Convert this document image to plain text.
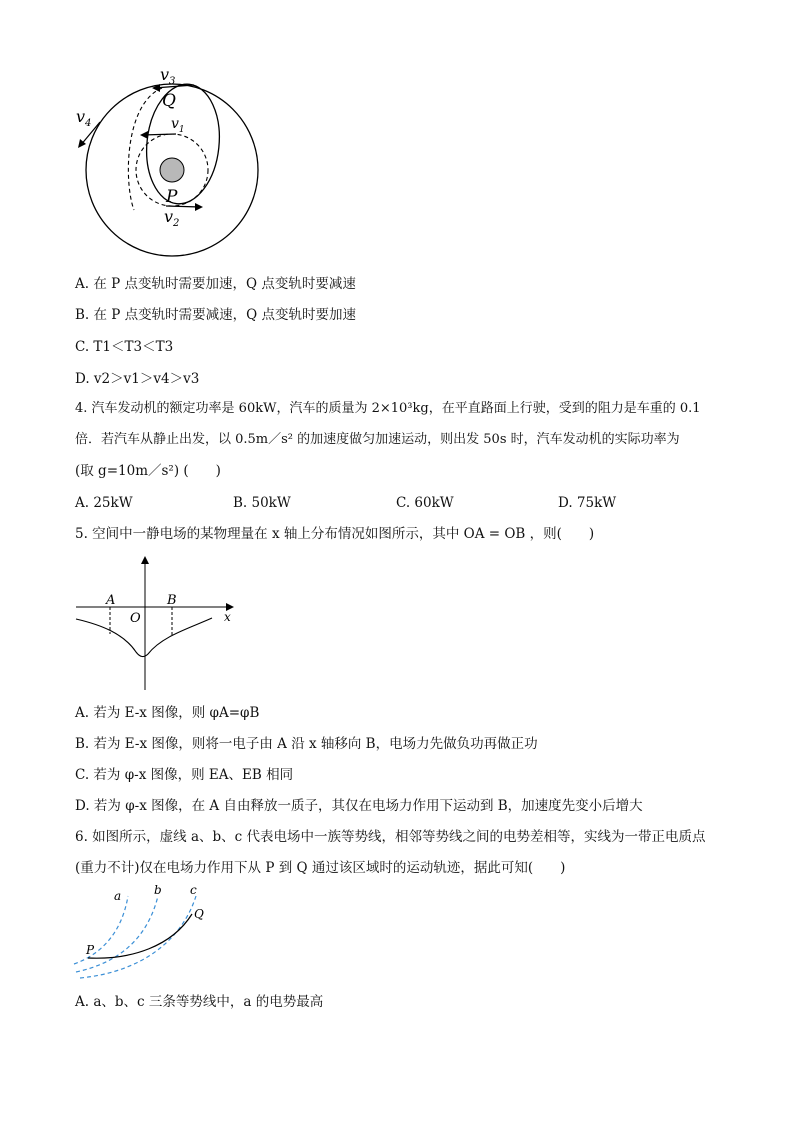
$v_3$
Q
$v_1$
$v_4$
P
$v_2$
A. 在 P 点变轨时需要加速，Q 点变轨时要减速
B. 在 P 点变轨时需要减速，Q 点变轨时要加速
C. T1＜T3＜T3
D. v2＞v1＞v4＞v3
4. 汽车发动机的额定功率是 60kW，汽车的质量为 2×10³kg，在平直路面上行驶，受到的阻力是车重的 0.1
倍．若汽车从静止出发，以 0.5m／s² 的加速度做匀加速运动，则出发 50s 时，汽车发动机的实际功率为
(取 g=10m／s²) (　　)
A. 25kW	B. 50kW	C. 60kW	D. 75kW
5. 空间中一静电场的某物理量在 x 轴上分布情况如图所示，其中 OA = OB ，则(　　)
A	B
O	x
A. 若为 E-x 图像，则 φA=φB
B. 若为 E-x 图像，则将一电子由 A 沿 x 轴移向 B，电场力先做负功再做正功
C. 若为 φ-x 图像，则 EA、EB 相同
D. 若为 φ-x 图像，在 A 自由释放一质子，其仅在电场力作用下运动到 B，加速度先变小后增大
6. 如图所示，虚线 a、b、c 代表电场中一族等势线，相邻等势线之间的电势差相等，实线为一带正电质点
(重力不计)仅在电场力作用下从 P 到 Q 通过该区域时的运动轨迹，据此可知(　　)
a	b c
P
Q
A. a、b、c 三条等势线中，a 的电势最高
